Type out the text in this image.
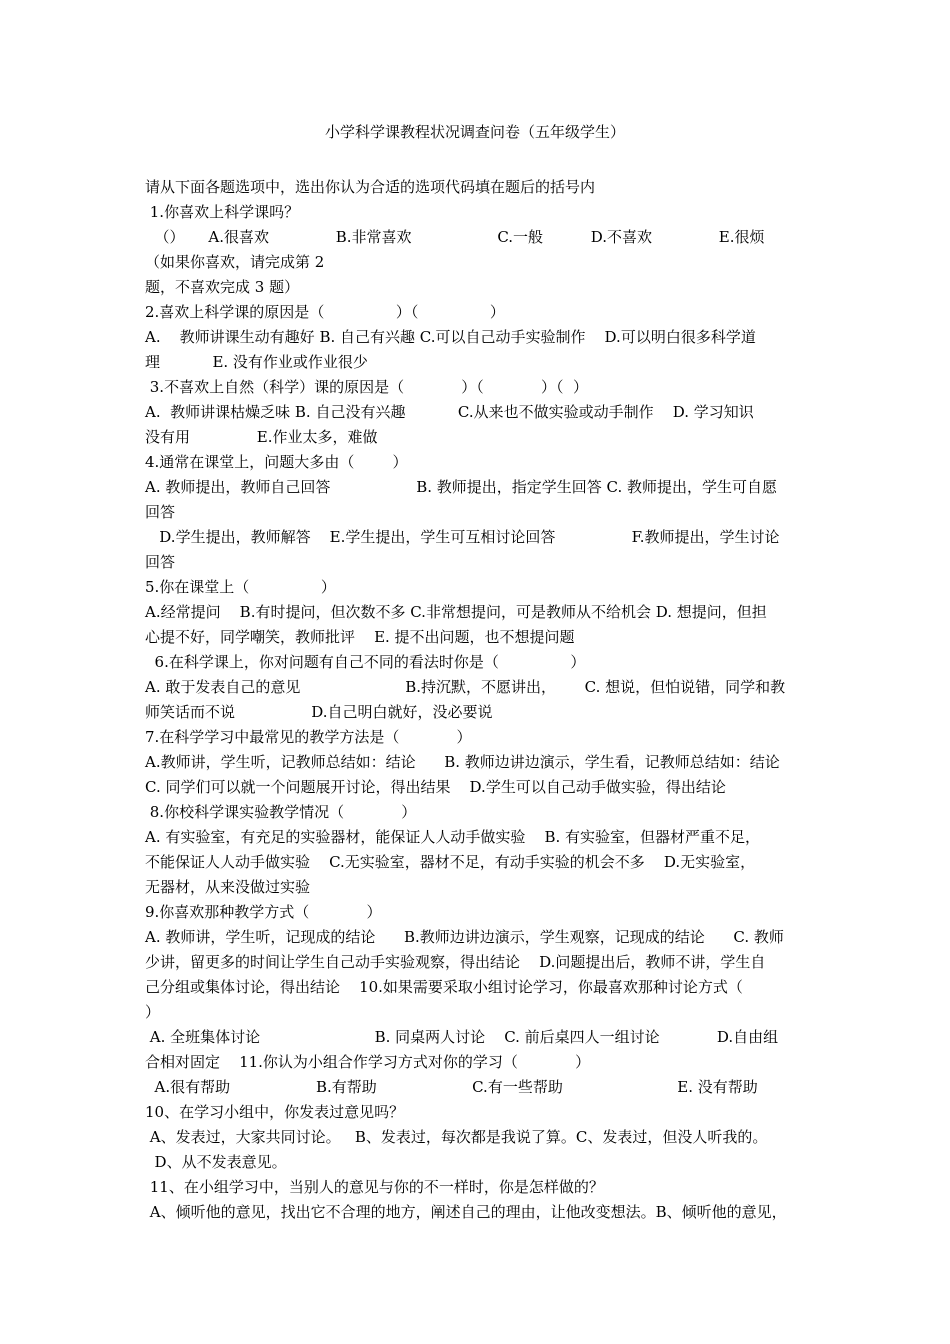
小学科学课教程状况调查问卷（五年级学生）
请从下面各题选项中，选出你认为合适的选项代码填在题后的括号内
1.你喜欢上科学课吗？
（）     A.很喜欢              B.非常喜欢                  C.一般          D.不喜欢              E.很烦
（如果你喜欢，请完成第 2
题，不喜欢完成 3 题）
2.喜欢上科学课的原因是（               ）（               ）
A.    教师讲课生动有趣好 B. 自己有兴趣 C.可以自己动手实验制作    D.可以明白很多科学道
理           E. 没有作业或作业很少
3.不喜欢上自然（科学）课的原因是（            ）（            ）（  ）
A.  教师讲课枯燥乏味 B. 自己没有兴趣           C.从来也不做实验或动手制作    D. 学习知识
没有用              E.作业太多，难做
4.通常在课堂上，问题大多由（        ）
A. 教师提出，教师自己回答                  B. 教师提出，指定学生回答 C. 教师提出，学生可自愿
回答
D.学生提出，教师解答    E.学生提出，学生可互相讨论回答                F.教师提出，学生讨论
回答
5.你在课堂上（               ）
A.经常提问    B.有时提问，但次数不多 C.非常想提问，可是教师从不给机会 D. 想提问，但担
心提不好，同学嘲笑，教师批评    E. 提不出问题，也不想提问题
6.在科学课上，你对问题有自己不同的看法时你是（               ）
A. 敢于发表自己的意见                      B.持沉默，不愿讲出，      C. 想说，但怕说错，同学和教
师笑话而不说                D.自己明白就好，没必要说
7.在科学学习中最常见的教学方法是（            ）
A.教师讲，学生听，记教师总结如：结论      B. 教师边讲边演示，学生看，记教师总结如：结论
C. 同学们可以就一个问题展开讨论，得出结果    D.学生可以自己动手做实验，得出结论
8.你校科学课实验教学情况（            ）
A. 有实验室，有充足的实验器材，能保证人人动手做实验    B. 有实验室，但器材严重不足，
不能保证人人动手做实验    C.无实验室，器材不足，有动手实验的机会不多    D.无实验室，
无器材，从来没做过实验
9.你喜欢那种教学方式（            ）
A. 教师讲，学生听，记现成的结论      B.教师边讲边演示，学生观察，记现成的结论      C. 教师
少讲，留更多的时间让学生自己动手实验观察，得出结论    D.问题提出后，教师不讲，学生自
己分组或集体讨论，得出结论    10.如果需要采取小组讨论学习，你最喜欢那种讨论方式（
）
A. 全班集体讨论                        B. 同桌两人讨论    C. 前后桌四人一组讨论            D.自由组
合相对固定    11.你认为小组合作学习方式对你的学习（            ）
A.很有帮助                  B.有帮助                    C.有一些帮助                        E. 没有帮助
10、在学习小组中，你发表过意见吗？
A、发表过，大家共同讨论。   B、发表过，每次都是我说了算。C、发表过，但没人听我的。
D、从不发表意见。
11、在小组学习中，当别人的意见与你的不一样时，你是怎样做的？
A、倾听他的意见，找出它不合理的地方，阐述自己的理由，让他改变想法。B、倾听他的意见，
